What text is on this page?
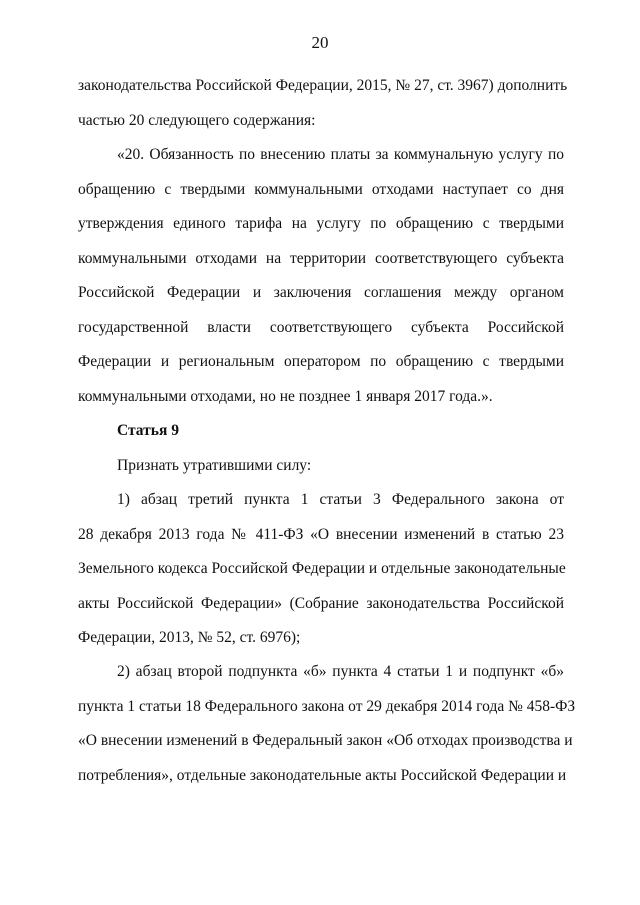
20
законодательства Российской Федерации, 2015, № 27, ст. 3967) дополнить
частью 20 следующего содержания:
«20. Обязанность по внесению платы за коммунальную услугу по
обращению с твердыми коммунальными отходами наступает со дня
утверждения единого тарифа на услугу по обращению с твердыми
коммунальными отходами на территории соответствующего субъекта
Российской Федерации и заключения соглашения между органом
государственной власти соответствующего субъекта Российской
Федерации и региональным оператором по обращению с твердыми
коммунальными отходами, но не позднее 1 января 2017 года.».
Статья 9
Признать утратившими силу:
1) абзац третий пункта 1 статьи 3 Федерального закона от
28 декабря 2013 года № 411-ФЗ «О внесении изменений в статью 23
Земельного кодекса Российской Федерации и отдельные законодательные
акты Российской Федерации» (Собрание законодательства Российской
Федерации, 2013, № 52, ст. 6976);
2) абзац второй подпункта «б» пункта 4 статьи 1 и подпункт «б»
пункта 1 статьи 18 Федерального закона от 29 декабря 2014 года № 458-ФЗ
«О внесении изменений в Федеральный закон «Об отходах производства и
потребления», отдельные законодательные акты Российской Федерации и
